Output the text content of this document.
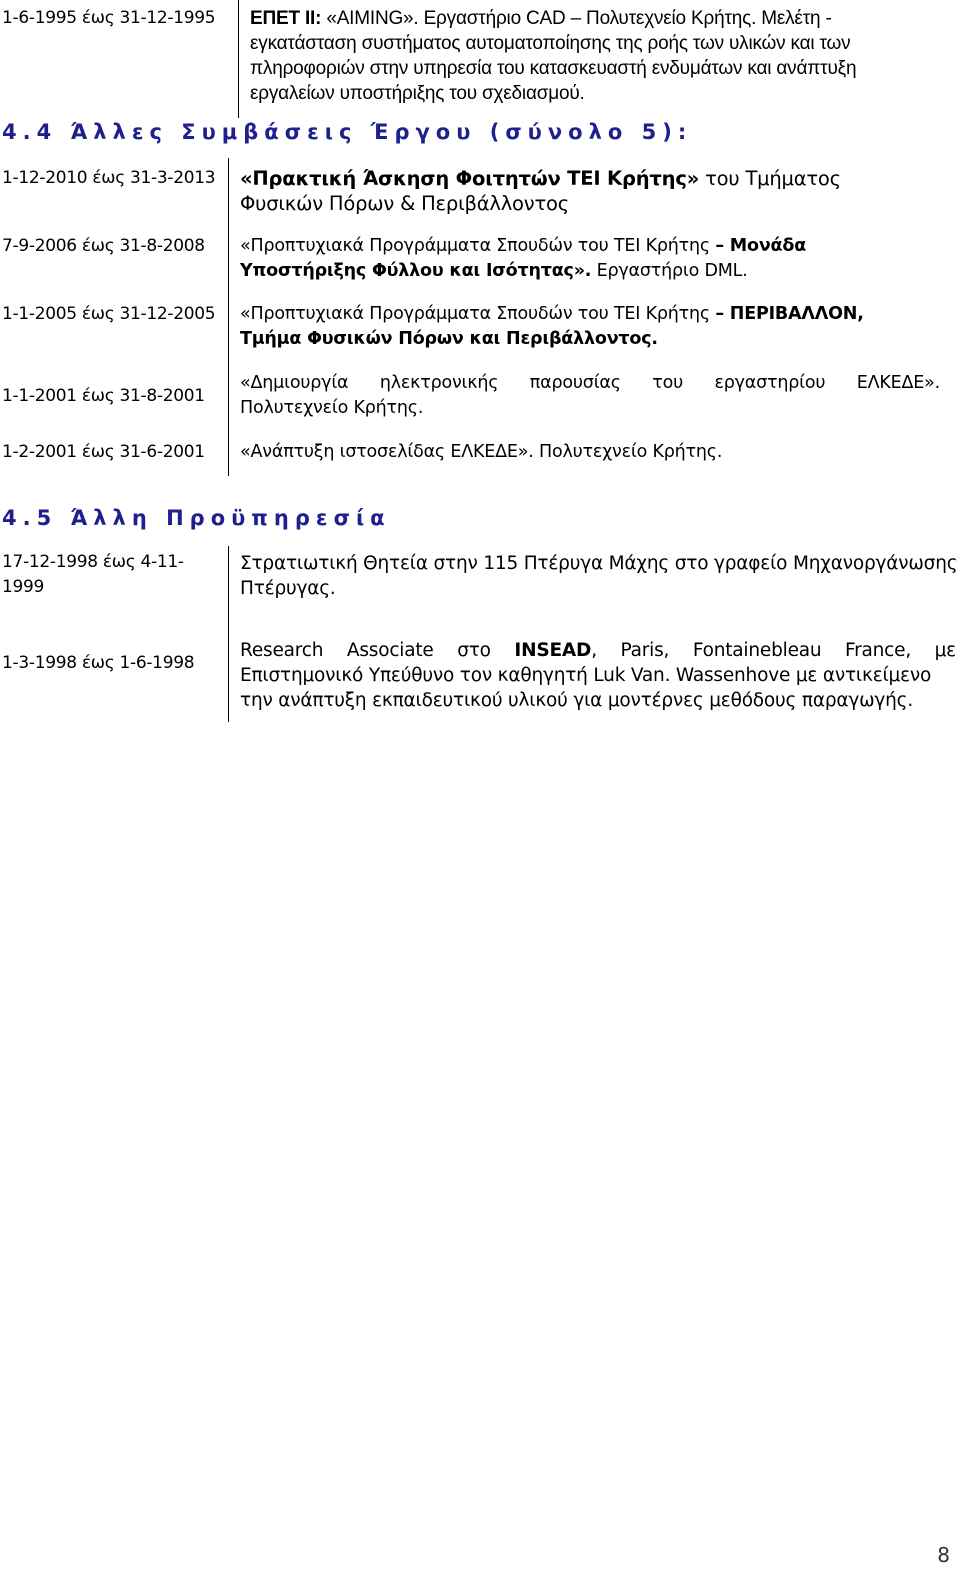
1-6-1995 έως 31-12-1995 ΕΠΕΤ ΙΙ: «AIMING». Εργαστήριο CAD – Πολυτεχνείο Κρήτης. Μελέτη -
εγκατάσταση συστήματος αυτοματοποίησης της ροής των υλικών και των
πληροφοριών στην υπηρεσία του κατασκευαστή ενδυμάτων και ανάπτυξη
εργαλείων υποστήριξης του σχεδιασμού.
4.4 Άλλες Συμβάσεις Έργου (σύνολο 5):
1-12-2010 έως 31-3-2013 «Πρακτική Άσκηση Φοιτητών ΤΕΙ Κρήτης» του Τμήματος
Φυσικών Πόρων & Περιβάλλοντος
7-9-2006 έως 31-8-2008 «Προπτυχιακά Προγράμματα Σπουδών του ΤΕΙ Κρήτης – Μονάδα
Υποστήριξης Φύλλου και Ισότητας». Εργαστήριο DML.
1-1-2005 έως 31-12-2005 «Προπτυχιακά Προγράμματα Σπουδών του ΤΕΙ Κρήτης – ΠΕΡΙΒΑΛΛΟΝ,
Τμήμα Φυσικών Πόρων και Περιβάλλοντος.
1-1-2001 έως 31-8-2001
«Δημιουργία ηλεκτρονικής παρουσίας του εργαστηρίου ΕΛΚΕΔΕ».
Πολυτεχνείο Κρήτης.
1-2-2001 έως 31-6-2001 «Ανάπτυξη ιστοσελίδας ΕΛΚΕΔΕ». Πολυτεχνείο Κρήτης.
4.5 Άλλη Προϋπηρεσία
17-12-1998 έως 4-11-
1999
Στρατιωτική Θητεία στην 115 Πτέρυγα Μάχης στο γραφείο Μηχανοργάνωσης
Πτέρυγας.
1-3-1998 έως 1-6-1998
Research Associate στο INSEAD, Paris, Fontainebleau France, με
Επιστημονικό Υπεύθυνο τον καθηγητή Luk Van. Wassenhove με αντικείμενο
την ανάπτυξη εκπαιδευτικού υλικού για μοντέρνες μεθόδους παραγωγής.
8
